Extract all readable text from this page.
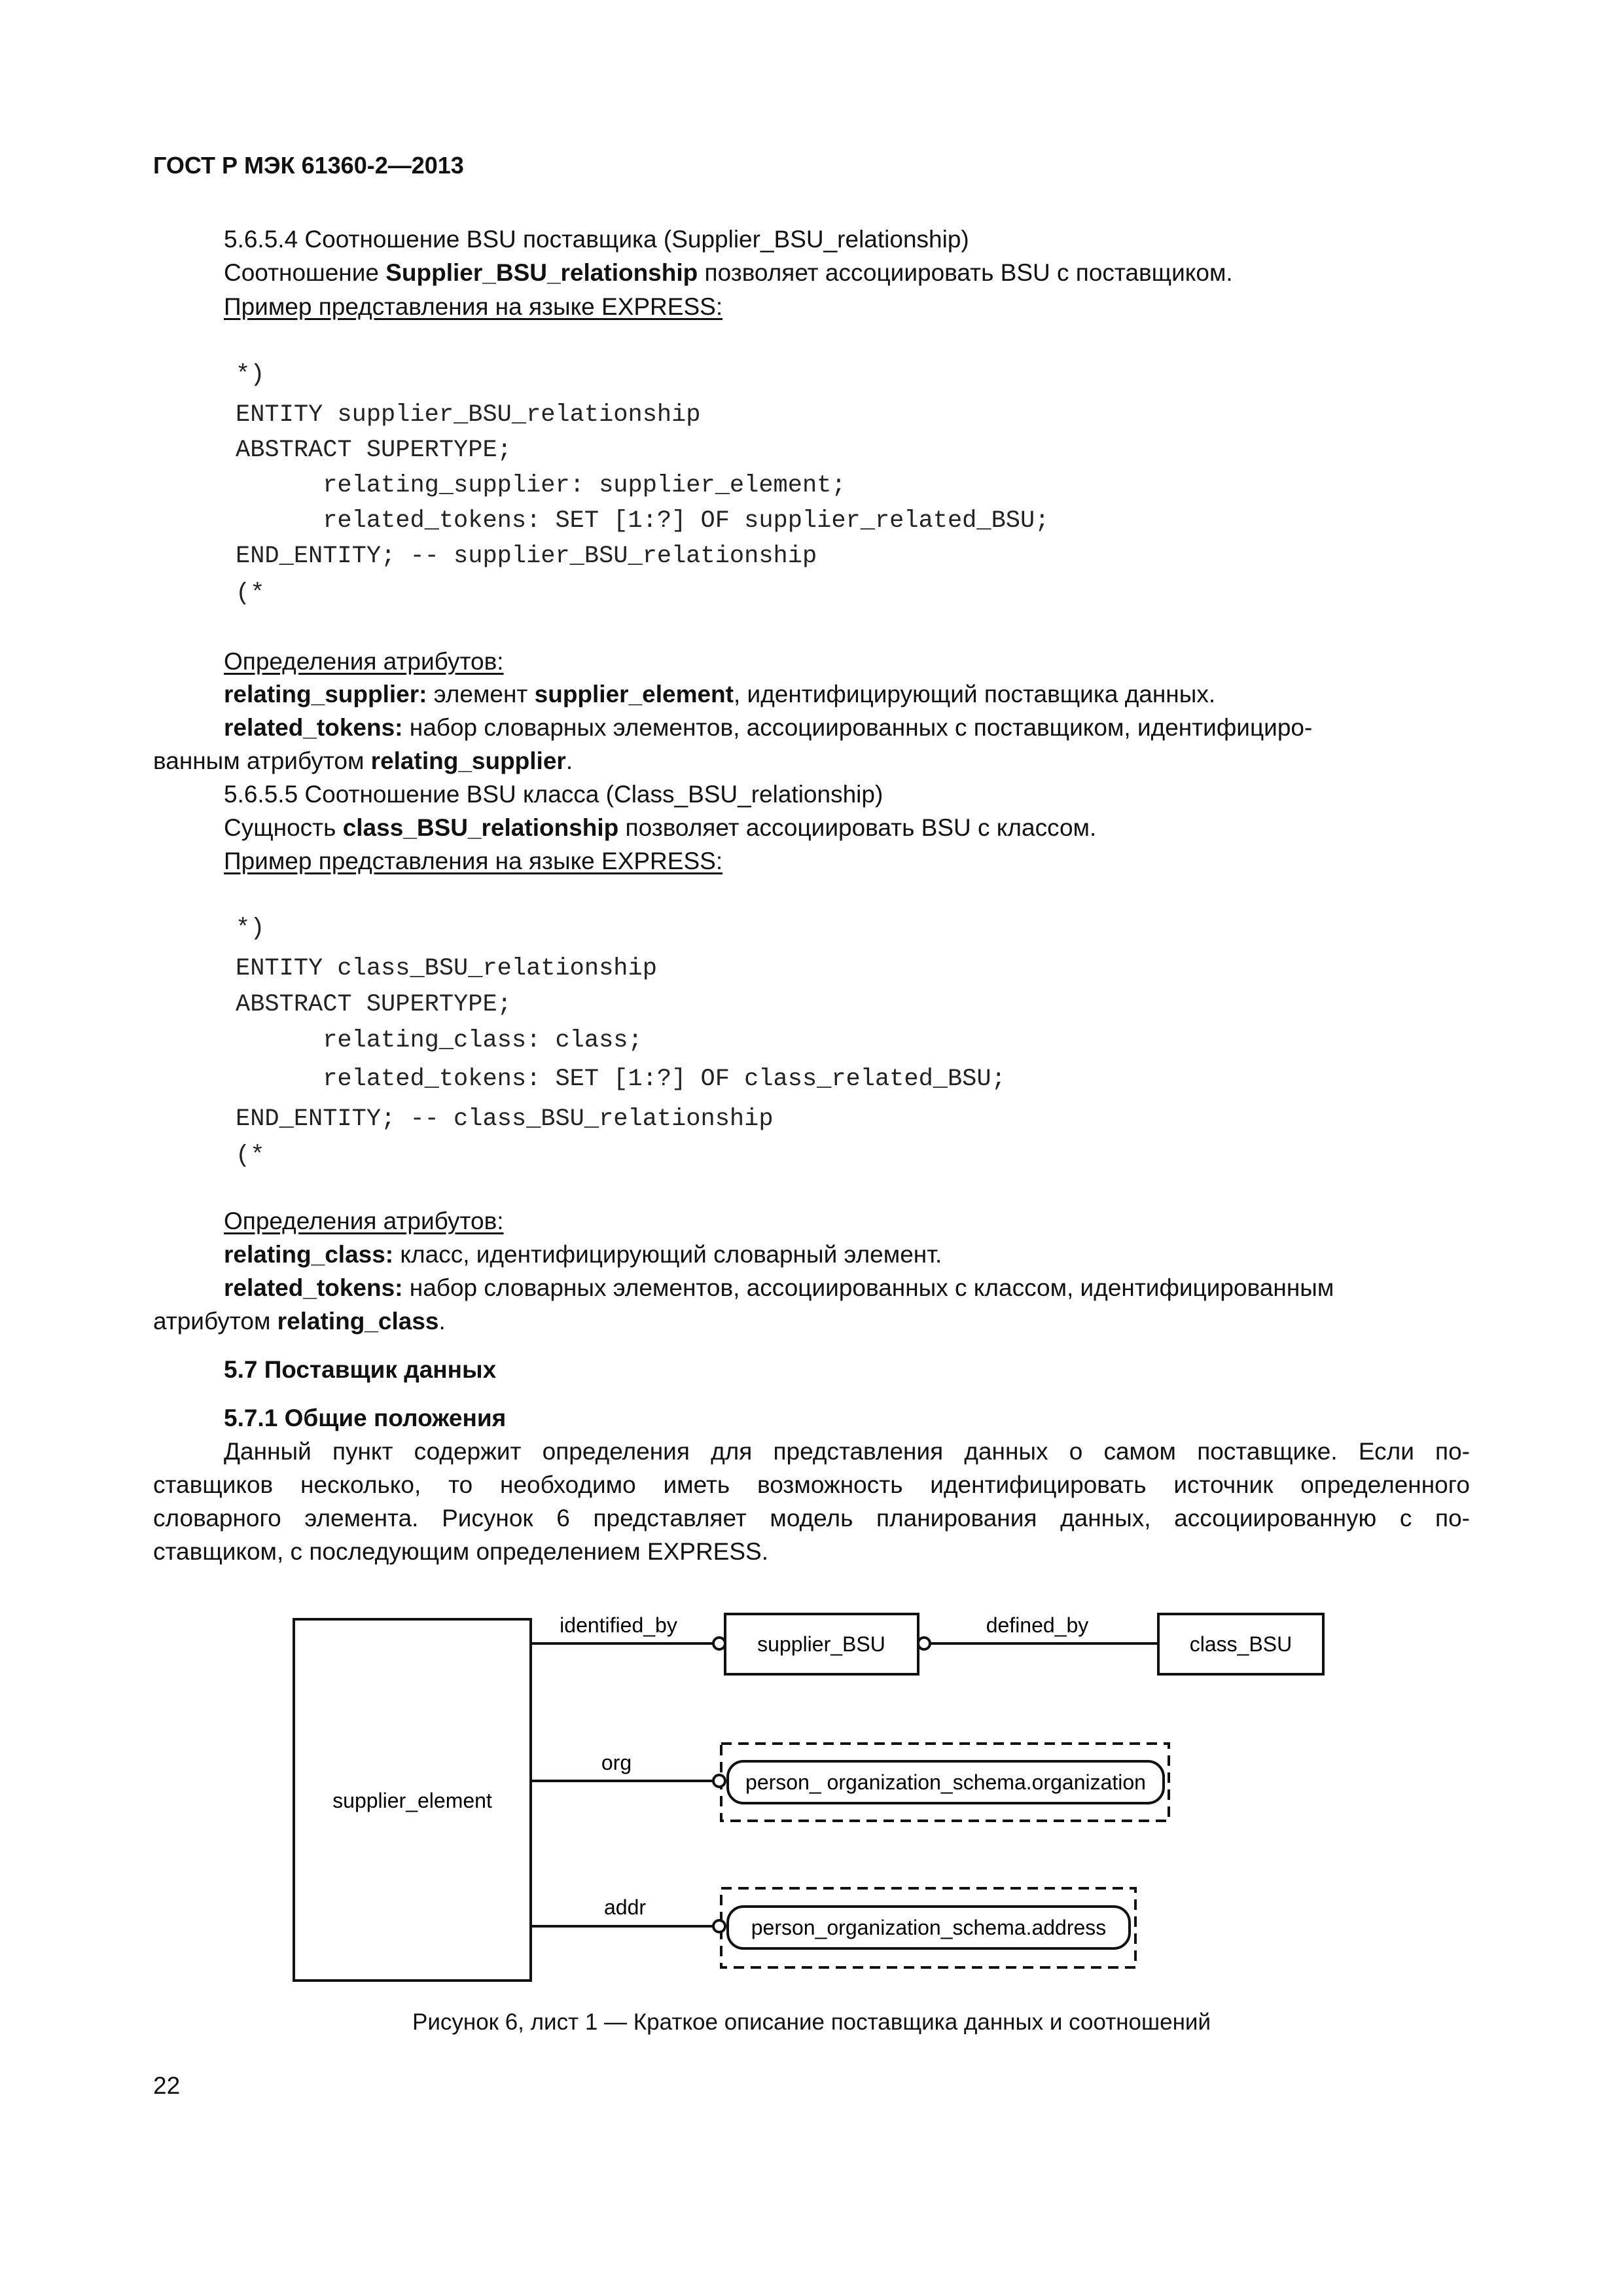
ГОСТ Р МЭК 61360-2—2013
5.6.5.4 Соотношение BSU поставщика (Supplier_BSU_relationship)
Соотношение Supplier_BSU_relationship позволяет ассоциировать BSU с поставщиком.
Пример представления на языке EXPRESS:
*)
ENTITY supplier_BSU_relationship
ABSTRACT SUPERTYPE;
relating_supplier: supplier_element;
related_tokens: SET [1:?] OF supplier_related_BSU;
END_ENTITY; -- supplier_BSU_relationship
(*
Определения атрибутов:
relating_supplier: элемент supplier_element, идентифицирующий поставщика данных.
related_tokens: набор словарных элементов, ассоциированных с поставщиком, идентифициро-
ванным атрибутом relating_supplier.
5.6.5.5 Соотношение BSU класса (Class_BSU_relationship)
Сущность class_BSU_relationship позволяет ассоциировать BSU с классом.
Пример представления на языке EXPRESS:
*)
ENTITY class_BSU_relationship
ABSTRACT SUPERTYPE;
relating_class: class;
related_tokens: SET [1:?] OF class_related_BSU;
END_ENTITY; -- class_BSU_relationship
(*
Определения атрибутов:
relating_class: класс, идентифицирующий словарный элемент.
related_tokens: набор словарных элементов, ассоциированных с классом, идентифицированным
атрибутом relating_class.
5.7 Поставщик данных
5.7.1 Общие положения
Данный пункт содержит определения для представления данных о самом поставщике. Если по-
ставщиков несколько, то необходимо иметь возможность идентифицировать источник определенного
словарного элемента. Рисунок 6 представляет модель планирования данных, ассоциированную с по-
ставщиком, с последующим определением EXPRESS.
supplier_element
supplier_BSU	class_BSU
identified_by	defined_by
person_ organization_schema.organization
org
person_organization_schema.address
addr
Рисунок 6, лист 1 — Краткое описание поставщика данных и соотношений
22
